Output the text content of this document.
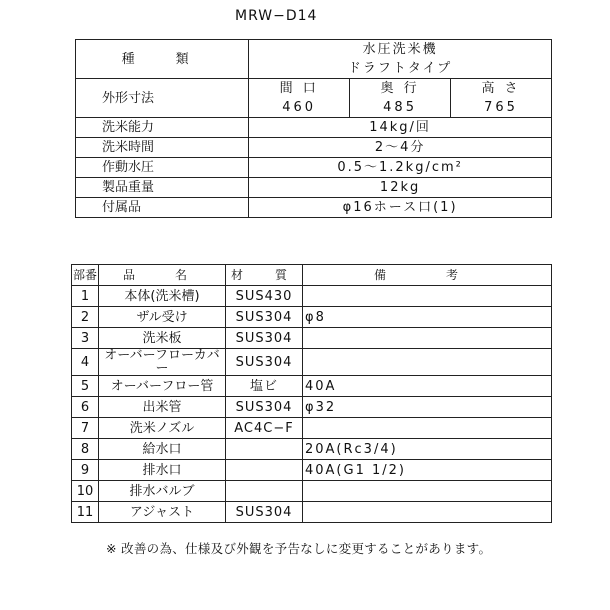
MRW−D14
種　類	水圧洗米機		
	ドラフトタイプ		
外形寸法	間 口	奥 行	高 さ
	460	485	765
洗米能力	14kg/回		
洗米時間	2〜4分		
作動水圧	0.5〜1.2kg/cm²		
製品重量	12kg		
付属品	φ16ホース口(1)		
部番	品　名	材　質	備　考
1	本体(洗米槽)	SUS430	
2	ザル受け	SUS304	φ8
3	洗米板	SUS304	
4	オーバーフローカバー	SUS304	
5	オーバーフロー管	塩ビ	40A
6	出米管	SUS304	φ32
7	洗米ノズル	AC4C−F	
8	給水口		20A(Rc3/4)
9	排水口		40A(G1 1/2)
10	排水バルブ		
11	アジャスト	SUS304	
※ 改善の為、仕様及び外観を予告なしに変更することがあります。
